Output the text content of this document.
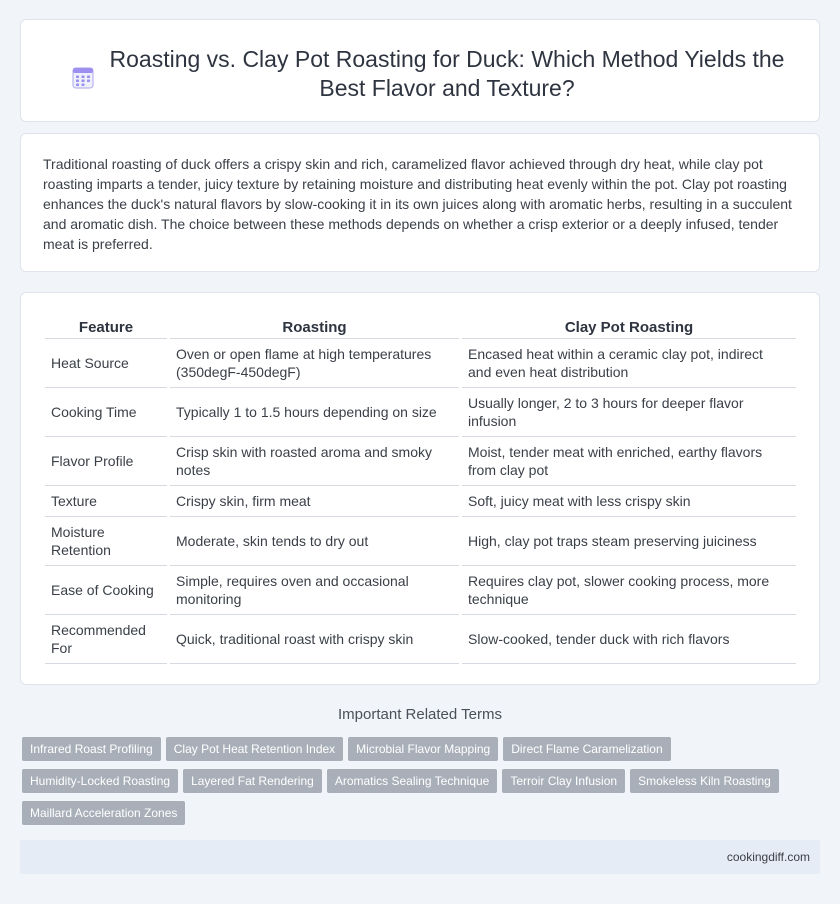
Roasting vs. Clay Pot Roasting for Duck: Which Method Yields the Best Flavor and Texture?

Traditional roasting of duck offers a crispy skin and rich, caramelized flavor achieved through dry heat, while clay pot roasting imparts a tender, juicy texture by retaining moisture and distributing heat evenly within the pot. Clay pot roasting enhances the duck's natural flavors by slow-cooking it in its own juices along with aromatic herbs, resulting in a succulent and aromatic dish. The choice between these methods depends on whether a crisp exterior or a deeply infused, tender meat is preferred.

Feature	Roasting	Clay Pot Roasting
Heat Source	Oven or open flame at high temperatures (350degF-450degF)	Encased heat within a ceramic clay pot, indirect and even heat distribution
Cooking Time	Typically 1 to 1.5 hours depending on size	Usually longer, 2 to 3 hours for deeper flavor infusion
Flavor Profile	Crisp skin with roasted aroma and smoky notes	Moist, tender meat with enriched, earthy flavors from clay pot
Texture	Crispy skin, firm meat	Soft, juicy meat with less crispy skin
Moisture Retention	Moderate, skin tends to dry out	High, clay pot traps steam preserving juiciness
Ease of Cooking	Simple, requires oven and occasional monitoring	Requires clay pot, slower cooking process, more technique
Recommended For	Quick, traditional roast with crispy skin	Slow-cooked, tender duck with rich flavors
Important Related Terms
Infrared Roast Profiling	Clay Pot Heat Retention Index	Microbial Flavor Mapping	Direct Flame Caramelization
Humidity-Locked Roasting	Layered Fat Rendering	Aromatics Sealing Technique	Terroir Clay Infusion	Smokeless Kiln Roasting
Maillard Acceleration Zones
cookingdiff.com
